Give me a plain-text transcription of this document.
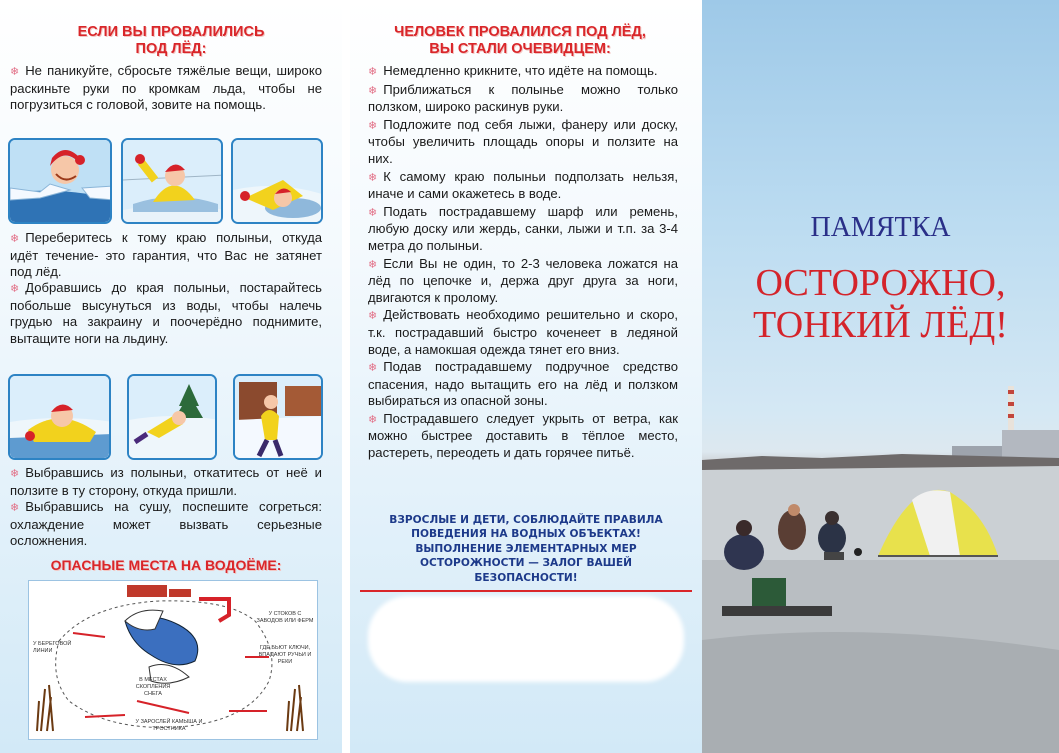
ЕСЛИ ВЫ ПРОВАЛИЛИСЬ
ПОД ЛЁД:
❄ Не паникуйте, сбросьте тяжёлые вещи, широко раскиньте руки по кромкам льда, чтобы не погрузиться с головой, зовите на помощь.
❄ Переберитесь к тому краю полыньи, откуда идёт течение- это гарантия, что Вас не затянет под лёд.
❄ Добравшись до края полыньи, постарайтесь побольше высунуться из воды, чтобы налечь грудью на закраину и поочерёдно поднимите, вытащите ноги на льдину.
❄ Выбравшись из полыньи, откатитесь от неё и ползите в ту сторону, откуда пришли.
❄ Выбравшись на сушу, поспешите согреться: охлаждение может вызвать серьезные осложнения.
ОПАСНЫЕ МЕСТА НА ВОДОЁМЕ:
У СТОКОВ С ЗАВОДОВ ИЛИ ФЕРМ
У БЕРЕГОВОЙ ЛИНИИ	ГДЕ БЬЮТ КЛЮЧИ, ВПАДАЮТ РУЧЬИ И РЕКИ
В МЕСТАХ СКОПЛЕНИЯ СНЕГА
У ЗАРОСЛЕЙ КАМЫША И ТРОСТНИКА
ЧЕЛОВЕК ПРОВАЛИЛСЯ ПОД ЛЁД,
ВЫ СТАЛИ ОЧЕВИДЦЕМ:
❄ Немедленно крикните, что идёте на помощь.
❄ Приближаться к полынье можно только ползком, широко раскинув руки.
❄ Подложите под себя лыжи, фанеру или доску, чтобы увеличить площадь опоры и ползите на них.
❄ К самому краю полыньи подползать нельзя, иначе и сами окажетесь в воде.
❄ Подать пострадавшему шарф или ремень, любую доску или жердь, санки, лыжи и т.п. за 3-4 метра до полыньи.
❄ Если Вы не один, то 2-3 человека ложатся на лёд по цепочке и, держа друг друга за ноги, двигаются к пролому.
❄ Действовать необходимо решительно и скоро, т.к. пострадавший быстро коченеет в ледяной воде, а намокшая одежда тянет его вниз.
❄ Подав пострадавшему подручное средство спасения, надо вытащить его на лёд и ползком выбираться из опасной зоны.
❄ Пострадавшего следует укрыть от ветра, как можно быстрее доставить в тёплое место, растереть, переодеть и дать горячее питьё.
ВЗРОСЛЫЕ И ДЕТИ, СОБЛЮДАЙТЕ ПРАВИЛА
ПОВЕДЕНИЯ НА ВОДНЫХ ОБЪЕКТАХ!
ВЫПОЛНЕНИЕ ЭЛЕМЕНТАРНЫХ МЕР
ОСТОРОЖНОСТИ — ЗАЛОГ ВАШЕЙ
БЕЗОПАСНОСТИ!
ПАМЯТКА
ОСТОРОЖНО,
ТОНКИЙ ЛЁД!
